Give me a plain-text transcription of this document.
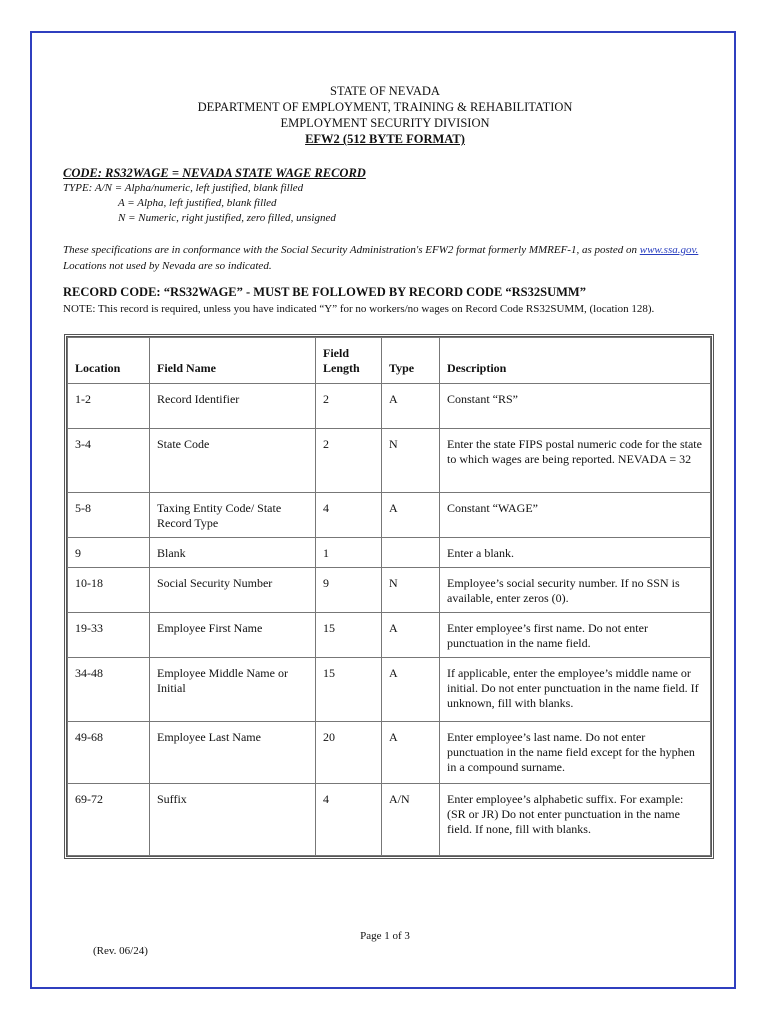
STATE OF NEVADA
DEPARTMENT OF EMPLOYMENT, TRAINING & REHABILITATION
EMPLOYMENT SECURITY DIVISION
EFW2 (512 BYTE FORMAT)
CODE: RS32WAGE = NEVADA STATE WAGE RECORD
TYPE: A/N = Alpha/numeric, left justified, blank filled
A = Alpha, left justified, blank filled
N = Numeric, right justified, zero filled, unsigned
These specifications are in conformance with the Social Security Administration's EFW2 format formerly MMREF-1, as posted on www.ssa.gov. Locations not used by Nevada are so indicated.
RECORD CODE: “RS32WAGE” - MUST BE FOLLOWED BY RECORD CODE “RS32SUMM”
NOTE: This record is required, unless you have indicated “Y” for no workers/no wages on Record Code RS32SUMM, (location 128).
Location	Field Name	Field Length	Type	Description
1-2	Record Identifier	2	A	Constant “RS”
3-4	State Code	2	N	Enter the state FIPS postal numeric code for the state to which wages are being reported. NEVADA = 32
5-8	Taxing Entity Code/ State Record Type	4	A	Constant “WAGE”
9	Blank	1		Enter a blank.
10-18	Social Security Number	9	N	Employee’s social security number. If no SSN is available, enter zeros (0).
19-33	Employee First Name	15	A	Enter employee’s first name. Do not enter punctuation in the name field.
34-48	Employee Middle Name or Initial	15	A	If applicable, enter the employee’s middle name or initial. Do not enter punctuation in the name field. If unknown, fill with blanks.
49-68	Employee Last Name	20	A	Enter employee’s last name. Do not enter punctuation in the name field except for the hyphen in a compound surname.
69-72	Suffix	4	A/N	Enter employee’s alphabetic suffix. For example: (SR or JR) Do not enter punctuation in the name field. If none, fill with blanks.
Page 1 of 3
(Rev. 06/24)
